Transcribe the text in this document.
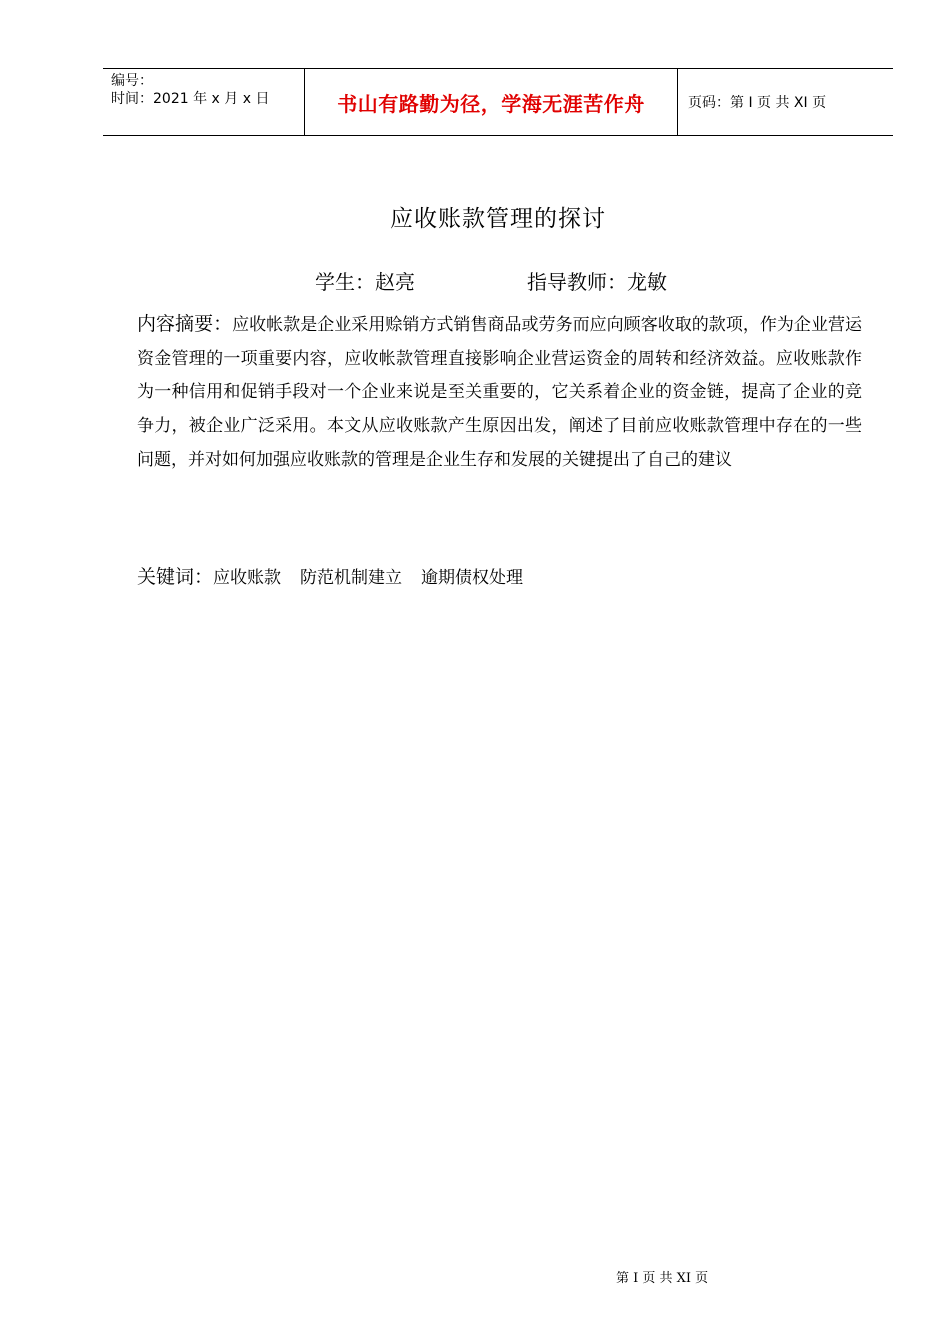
编号：
时间：2021 年 x 月 x 日	书山有路勤为径，学海无涯苦作舟	页码：第 I 页 共 XI 页
应收账款管理的探讨
学生：赵亮	指导教师：龙敏
内容摘要：应收帐款是企业采用赊销方式销售商品或劳务而应向顾客收取的款项，作为企业营运资金管理的一项重要内容，应收帐款管理直接影响企业营运资金的周转和经济效益。应收账款作为一种信用和促销手段对一个企业来说是至关重要的，它关系着企业的资金链，提高了企业的竞争力，被企业广泛采用。本文从应收账款产生原因出发，阐述了目前应收账款管理中存在的一些问题，并对如何加强应收账款的管理是企业生存和发展的关键提出了自己的建议
关键词：应收账款 防范机制建立 逾期债权处理
第 I 页 共 XI 页
